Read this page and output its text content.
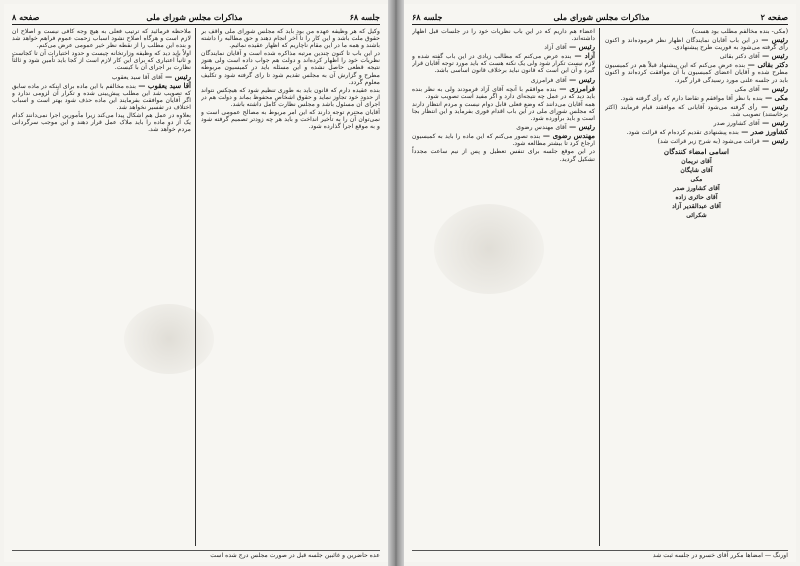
جلسه ۶۸
مذاکرات مجلس شورای ملی
صفحه ۸

وکیل که هر وظیفه عهده من بود باید که مجلس شورای ملی واقف بر حقوق ملت باشد و این کار را تا آخر انجام دهند و حق مطالبه را داشته باشند و همه ما در این مقام ناچاریم که اظهار عقیده نمائیم.

در این باب تا کنون چندین مرتبه مذاکره شده است و آقایان نمایندگان نظریات خود را اظهار کرده‌اند و دولت هم جواب داده است ولی هنوز نتیجه قطعی حاصل نشده و این مسئله باید در کمیسیون مربوطه مطرح و گزارش آن به مجلس تقدیم شود تا رای گرفته شود و تکلیف معلوم گردد.

بنده عقیده دارم که قانون باید به طوری تنظیم شود که هیچکس نتواند از حدود خود تجاوز نماید و حقوق اشخاص محفوظ بماند و دولت هم در اجرای آن مسئول باشد و مجلس نظارت کامل داشته باشد.

آقایان محترم توجه دارند که این امر مربوط به مصالح عمومی است و نمی‌توان آن را به تأخیر انداخت و باید هر چه زودتر تصمیم گرفته شود و به موقع اجرا گذارده شود.

ملاحظه فرمائید که ترتیب فعلی به هیچ وجه کافی نیست و اصلاح آن لازم است و هرگاه اصلاح نشود اسباب زحمت عموم فراهم خواهد شد و بنده این مطلب را از نقطه نظر خیر عمومی عرض می‌کنم.

اولاً باید دید که وظیفه وزارتخانه چیست و حدود اختیارات آن تا کجاست و ثانیاً اعتباری که برای این کار لازم است از کجا باید تأمین شود و ثالثاً نظارت بر اجرای آن با کیست.

رئیس — آقای آقا سید یعقوب

آقا سید یعقوب — بنده مخالفم با این ماده برای اینکه در ماده سابق که تصویب شد این مطلب پیش‌بینی شده و تکرار آن لزومی ندارد و اگر آقایان موافقت بفرمایند این ماده حذف شود بهتر است و اسباب اختلاف در تفسیر نخواهد شد.

بعلاوه در عمل هم اشکال پیدا می‌کند زیرا مأمورین اجرا نمی‌دانند کدام یک از دو ماده را باید ملاک عمل قرار دهند و این موجب سرگردانی مردم خواهد شد.

عده حاضرین و غائبین جلسه قبل در صورت مجلس درج شده است
صفحه ۲
مذاکرات مجلس شورای ملی
جلسه ۶۸

(مکی- بنده مخالفم مطلب بود هست)

رئیس — در این باب آقایان نمایندگان اظهار نظر فرموده‌اند و اکنون رأی گرفته می‌شود به فوریت طرح پیشنهادی.

رئیس — آقای دکتر بقائی

دکتر بقائی — بنده عرض می‌کنم که این پیشنهاد قبلاً هم در کمیسیون مطرح شده و آقایان اعضای کمیسیون با آن موافقت کرده‌اند و اکنون باید در جلسه علنی مورد رسیدگی قرار گیرد.

رئیس — آقای مکی

مکی — بنده با نظر آقا موافقم و تقاضا دارم که رأی گرفته شود.

رئیس — رأی گرفته می‌شود آقایانی که موافقند قیام فرمایند (اکثر برخاستند) تصویب شد.

رئیس — آقای کشاورز صدر

کشاورز صدر — بنده پیشنهادی تقدیم کرده‌ام که قرائت شود.

رئیس — قرائت می‌شود (به شرح زیر قرائت شد)

اسامی امضاء کنندگان
آقای نریمان
آقای شایگان
مکی
آقای کشاورز صدر
آقای حائری زاده
آقای عبدالقدیر آزاد
شکرائی

اعضاء هم داریم که در این باب نظریات خود را در جلسات قبل اظهار داشته‌اند.

رئیس — آقای آزاد

آزاد — بنده عرض می‌کنم که مطالب زیادی در این باب گفته شده و لازم نیست تکرار شود ولی یک نکته هست که باید مورد توجه آقایان قرار گیرد و آن این است که قانون نباید برخلاف قانون اساسی باشد.

رئیس — آقای فرامرزی

فرامرزی — بنده موافقم با آنچه آقای آزاد فرمودند ولی به نظر بنده باید دید که در عمل چه نتیجه‌ای دارد و اگر مفید است تصویب شود.

همه آقایان می‌دانند که وضع فعلی قابل دوام نیست و مردم انتظار دارند که مجلس شورای ملی در این باب اقدام فوری بفرماید و این انتظار بجا است و باید برآورده شود.

رئیس — آقای مهندس رضوی

مهندس رضوی — بنده تصور می‌کنم که این ماده را باید به کمیسیون ارجاع کرد تا بیشتر مطالعه شود.

در این موقع جلسه برای تنفس تعطیل و پس از نیم ساعت مجدداً تشکیل گردید.

اورنگ — امضاها مکرر آقای خسرو در جلسه ثبت شد
